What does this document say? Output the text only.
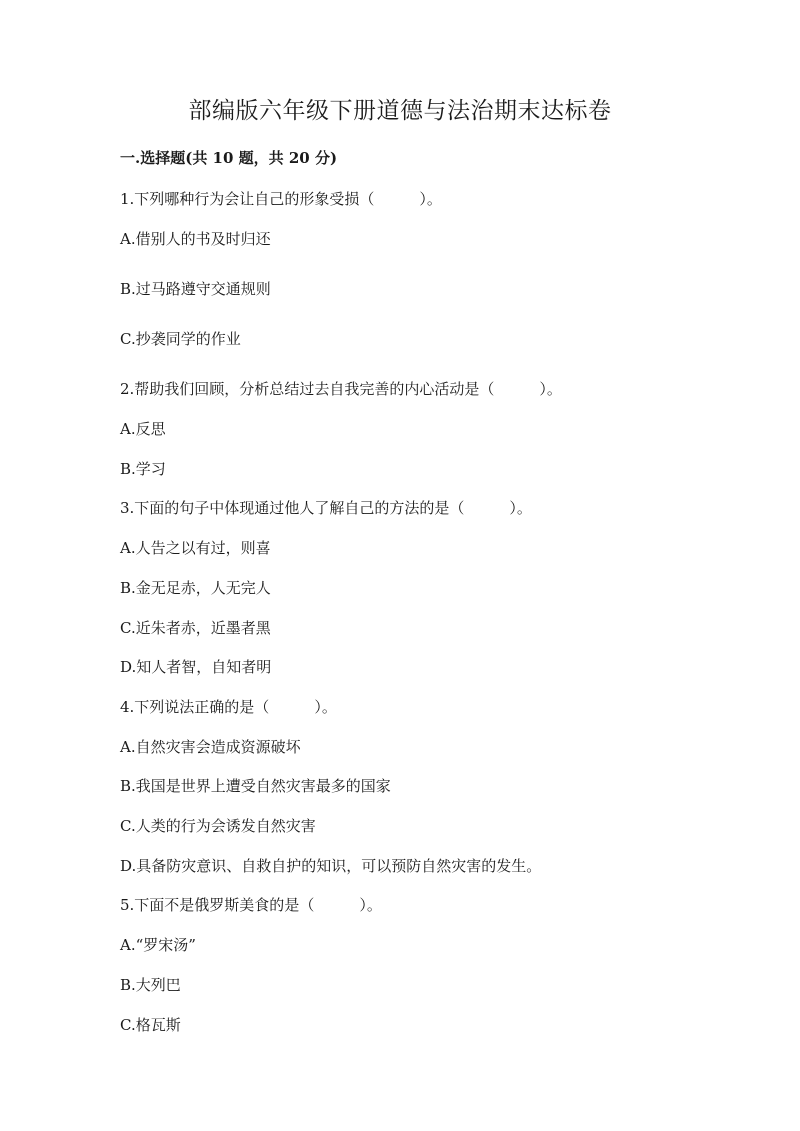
部编版六年级下册道德与法治期末达标卷
一.选择题(共 10 题，共 20 分)
1.下列哪种行为会让自己的形象受损（　　　）。
A.借别人的书及时归还
B.过马路遵守交通规则
C.抄袭同学的作业
2.帮助我们回顾，分析总结过去自我完善的内心活动是（　　　）。
A.反思
B.学习
3.下面的句子中体现通过他人了解自己的方法的是（　　　）。
A.人告之以有过，则喜
B.金无足赤，人无完人
C.近朱者赤，近墨者黑
D.知人者智，自知者明
4.下列说法正确的是（　　　）。
A.自然灾害会造成资源破坏
B.我国是世界上遭受自然灾害最多的国家
C.人类的行为会诱发自然灾害
D.具备防灾意识、自救自护的知识，可以预防自然灾害的发生。
5.下面不是俄罗斯美食的是（　　　）。
A.“罗宋汤”
B.大列巴
C.格瓦斯
